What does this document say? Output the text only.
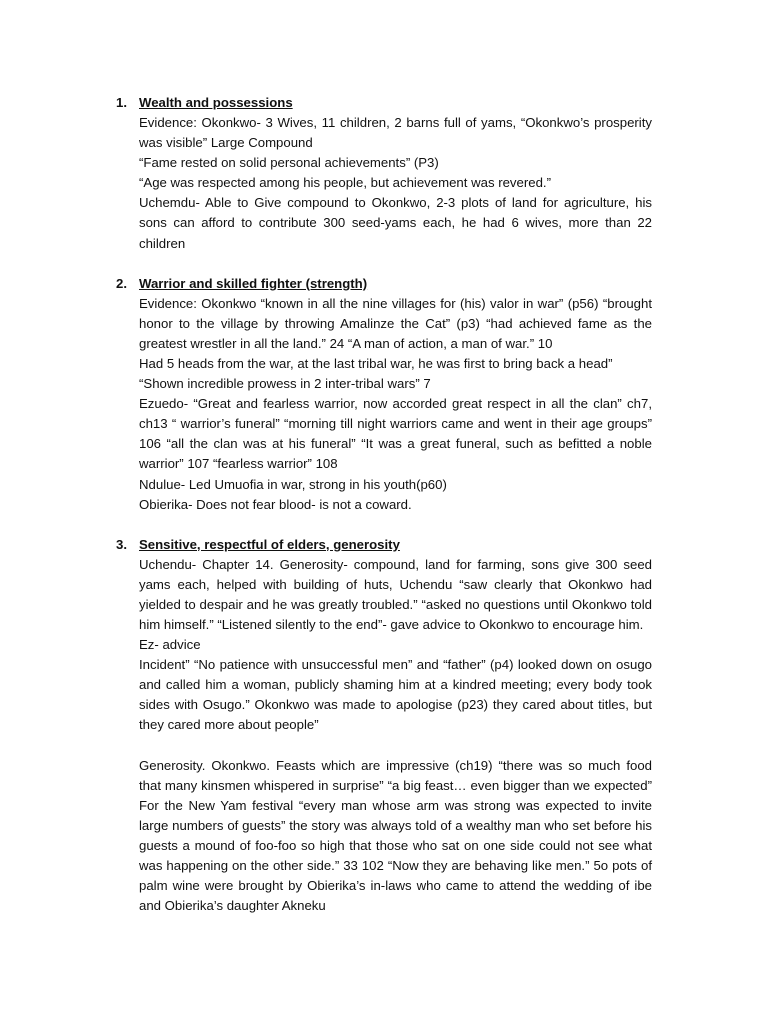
1. Wealth and possessions

Evidence: Okonkwo- 3 Wives, 11 children, 2 barns full of yams, “Okonkwo’s prosperity was visible” Large Compound

“Fame rested on solid personal achievements” (P3)

“Age was respected among his people, but achievement was revered.”

Uchemdu- Able to Give compound to Okonkwo, 2-3 plots of land for agriculture, his sons can afford to contribute 300 seed-yams each, he had 6 wives, more than 22 children

2. Warrior and skilled fighter (strength)

Evidence: Okonkwo “known in all the nine villages for (his) valor in war” (p56) “brought honor to the village by throwing Amalinze the Cat” (p3) “had achieved fame as the greatest wrestler in all the land.” 24 “A man of action, a man of war.” 10

Had 5 heads from the war, at the last tribal war, he was first to bring back a head” “Shown incredible prowess in 2 inter-tribal wars” 7

Ezuedo- “Great and fearless warrior, now accorded great respect in all the clan” ch7, ch13 “ warrior’s funeral” “morning till night warriors came and went in their age groups” 106 “all the clan was at his funeral” “It was a great funeral, such as befitted a noble warrior” 107 “fearless warrior” 108

Ndulue- Led Umuofia in war, strong in his youth(p60)

Obierika- Does not fear blood- is not a coward.

3. Sensitive, respectful of elders, generosity

Uchendu- Chapter 14. Generosity- compound, land for farming, sons give 300 seed yams each, helped with building of huts, Uchendu “saw clearly that Okonkwo had yielded to despair and he was greatly troubled.” “asked no questions until Okonkwo told him himself.” “Listened silently to the end”- gave advice to Okonkwo to encourage him.

Ez- advice

Incident” “No patience with unsuccessful men” and “father” (p4) looked down on osugo and called him a woman, publicly shaming him at a kindred meeting; every body took sides with Osugo.” Okonkwo was made to apologise (p23) they cared about titles, but they cared more about people”

Generosity. Okonkwo. Feasts which are impressive (ch19) “there was so much food that many kinsmen whispered in surprise” “a big feast… even bigger than we expected” For the New Yam festival “every man whose arm was strong was expected to invite large numbers of guests” the story was always told of a wealthy man who set before his guests a mound of foo-foo so high that those who sat on one side could not see what was happening on the other side.” 33 102 “Now they are behaving like men.” 5o pots of palm wine were brought by Obierika’s in-laws who came to attend the wedding of ibe and Obierika’s daughter Akneku
